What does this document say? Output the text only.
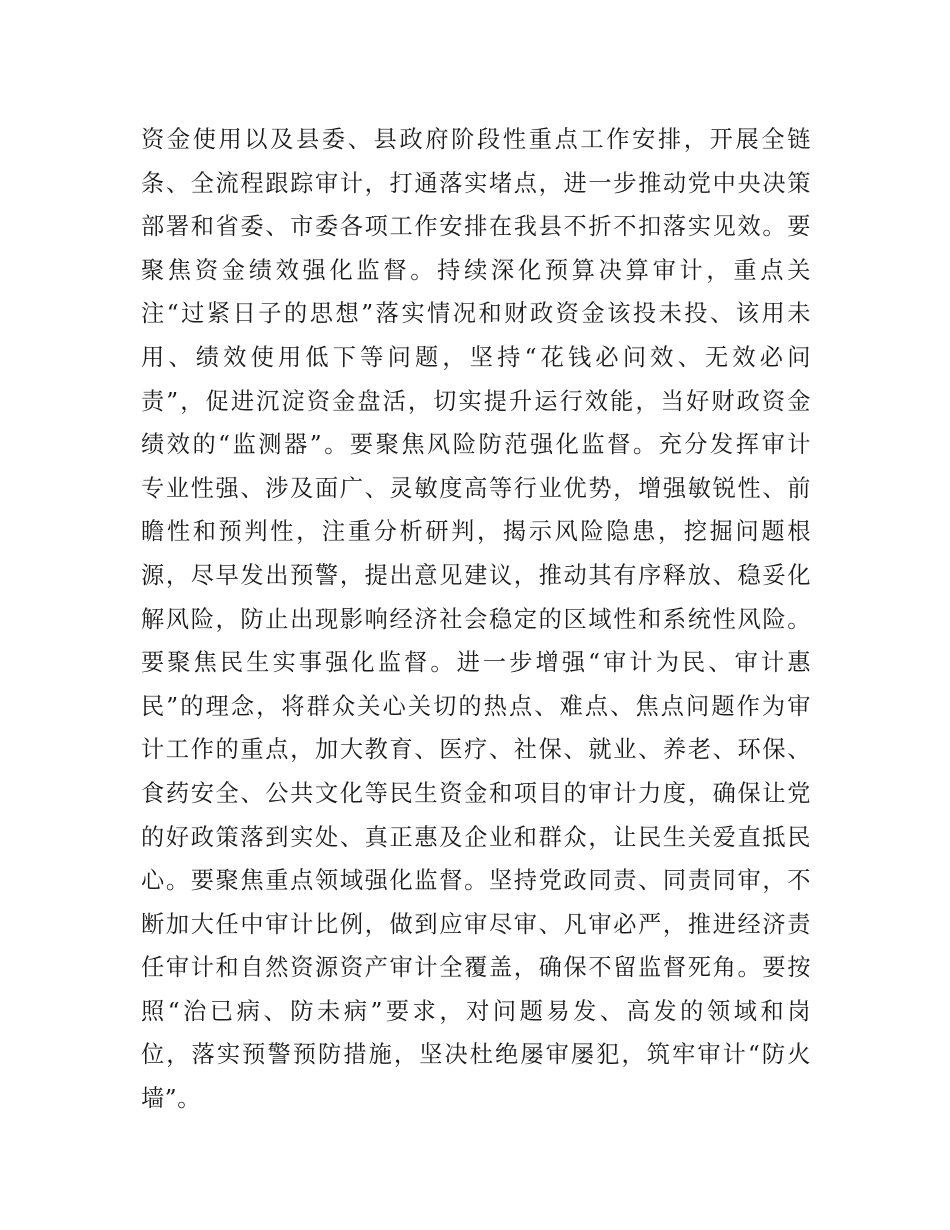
资金使用以及县委、县政府阶段性重点工作安排，开展全链
条、全流程跟踪审计，打通落实堵点，进一步推动党中央决策
部署和省委、市委各项工作安排在我县不折不扣落实见效。要
聚焦资金绩效强化监督。持续深化预算决算审计，重点关
注“过紧日子的思想”落实情况和财政资金该投未投、该用未
用、绩效使用低下等问题，坚持“花钱必问效、无效必问
责”，促进沉淀资金盘活，切实提升运行效能，当好财政资金
绩效的“监测器”。要聚焦风险防范强化监督。充分发挥审计
专业性强、涉及面广、灵敏度高等行业优势，增强敏锐性、前
瞻性和预判性，注重分析研判，揭示风险隐患，挖掘问题根
源，尽早发出预警，提出意见建议，推动其有序释放、稳妥化
解风险，防止出现影响经济社会稳定的区域性和系统性风险。
要聚焦民生实事强化监督。进一步增强“审计为民、审计惠
民”的理念，将群众关心关切的热点、难点、焦点问题作为审
计工作的重点，加大教育、医疗、社保、就业、养老、环保、
食药安全、公共文化等民生资金和项目的审计力度，确保让党
的好政策落到实处、真正惠及企业和群众，让民生关爱直抵民
心。要聚焦重点领域强化监督。坚持党政同责、同责同审，不
断加大任中审计比例，做到应审尽审、凡审必严，推进经济责
任审计和自然资源资产审计全覆盖，确保不留监督死角。要按
照“治已病、防未病”要求，对问题易发、高发的领域和岗
位，落实预警预防措施，坚决杜绝屡审屡犯，筑牢审计“防火
墙”。
